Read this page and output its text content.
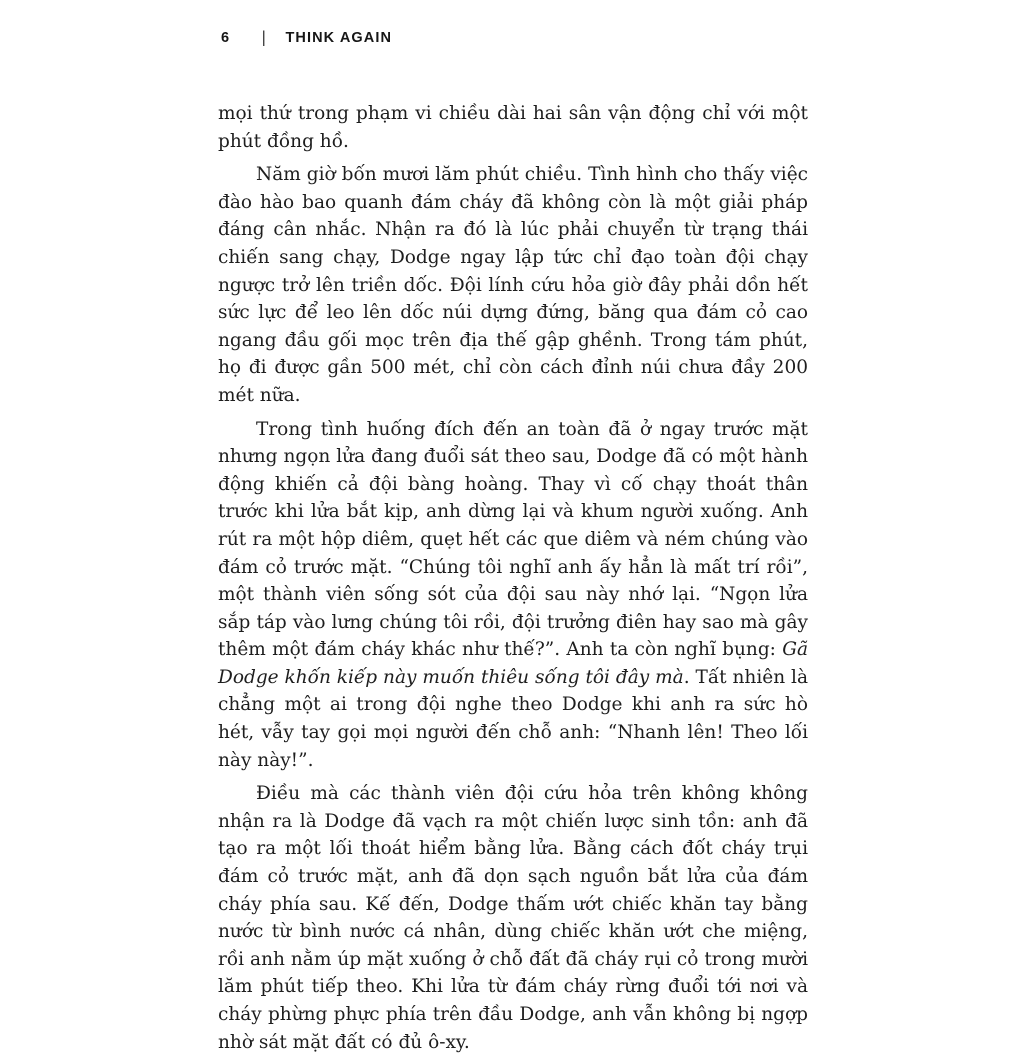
6 | THINK AGAIN

mọi thứ trong phạm vi chiều dài hai sân vận động chỉ với một phút đồng hồ.

Năm giờ bốn mươi lăm phút chiều. Tình hình cho thấy việc đào hào bao quanh đám cháy đã không còn là một giải pháp đáng cân nhắc. Nhận ra đó là lúc phải chuyển từ trạng thái chiến sang chạy, Dodge ngay lập tức chỉ đạo toàn đội chạy ngược trở lên triền dốc. Đội lính cứu hỏa giờ đây phải dồn hết sức lực để leo lên dốc núi dựng đứng, băng qua đám cỏ cao ngang đầu gối mọc trên địa thế gập ghềnh. Trong tám phút, họ đi được gần 500 mét, chỉ còn cách đỉnh núi chưa đầy 200 mét nữa.

Trong tình huống đích đến an toàn đã ở ngay trước mặt nhưng ngọn lửa đang đuổi sát theo sau, Dodge đã có một hành động khiến cả đội bàng hoàng. Thay vì cố chạy thoát thân trước khi lửa bắt kịp, anh dừng lại và khum người xuống. Anh rút ra một hộp diêm, quẹt hết các que diêm và ném chúng vào đám cỏ trước mặt. “Chúng tôi nghĩ anh ấy hẳn là mất trí rồi”, một thành viên sống sót của đội sau này nhớ lại. “Ngọn lửa sắp táp vào lưng chúng tôi rồi, đội trưởng điên hay sao mà gây thêm một đám cháy khác như thế?”. Anh ta còn nghĩ bụng: Gã Dodge khốn kiếp này muốn thiêu sống tôi đây mà. Tất nhiên là chẳng một ai trong đội nghe theo Dodge khi anh ra sức hò hét, vẫy tay gọi mọi người đến chỗ anh: “Nhanh lên! Theo lối này này!”.

Điều mà các thành viên đội cứu hỏa trên không không nhận ra là Dodge đã vạch ra một chiến lược sinh tồn: anh đã tạo ra một lối thoát hiểm bằng lửa. Bằng cách đốt cháy trụi đám cỏ trước mặt, anh đã dọn sạch nguồn bắt lửa của đám cháy phía sau. Kế đến, Dodge thấm ướt chiếc khăn tay bằng nước từ bình nước cá nhân, dùng chiếc khăn ướt che miệng, rồi anh nằm úp mặt xuống ở chỗ đất đã cháy rụi cỏ trong mười lăm phút tiếp theo. Khi lửa từ đám cháy rừng đuổi tới nơi và cháy phừng phực phía trên đầu Dodge, anh vẫn không bị ngợp nhờ sát mặt đất có đủ ô-xy.
